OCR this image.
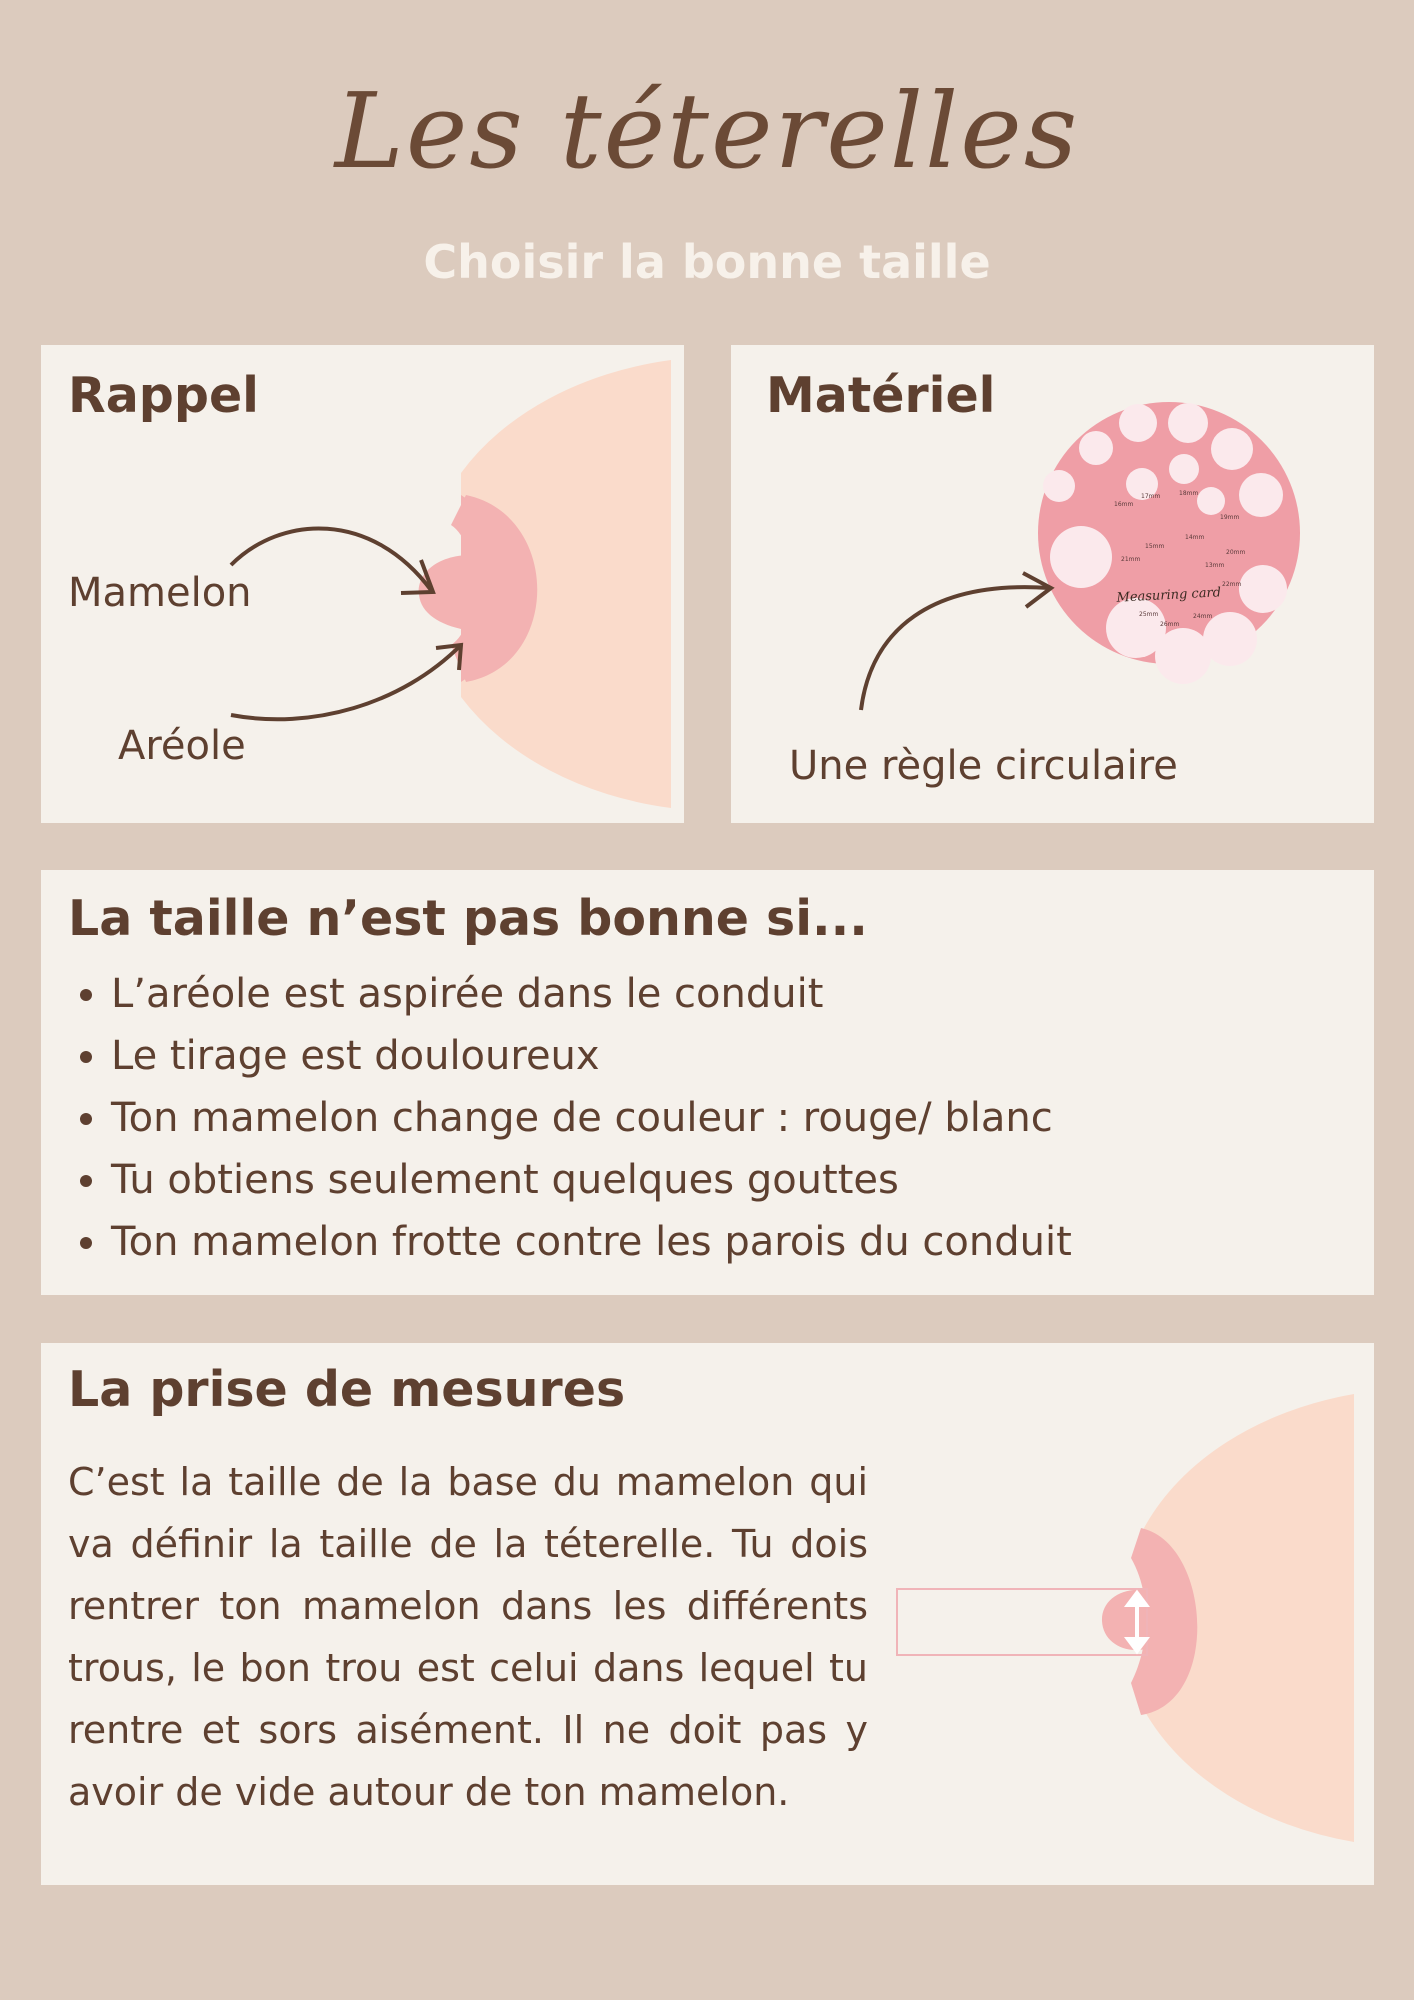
Les téterelles
Choisir la bonne taille
Rappel
Mamelon
Aréole
Measuring card
17mm	18mm
16mm
19mm
15mm
14mm
20mm
13mm
21mm
22mm
25mm	24mm
26mm
Matériel
Une règle circulaire
La taille n’est pas bonne si...
• L’aréole est aspirée dans le conduit
• Le tirage est douloureux
• Ton mamelon change de couleur : rouge/ blanc
• Tu obtiens seulement quelques gouttes
• Ton mamelon frotte contre les parois du conduit
La prise de mesures

C’est la taille de la base du mamelon qui va définir la taille de la téterelle. Tu dois rentrer ton mamelon dans les différents trous, le bon trou est celui dans lequel tu rentre et sors aisément. Il ne doit pas y avoir de vide autour de ton mamelon.
